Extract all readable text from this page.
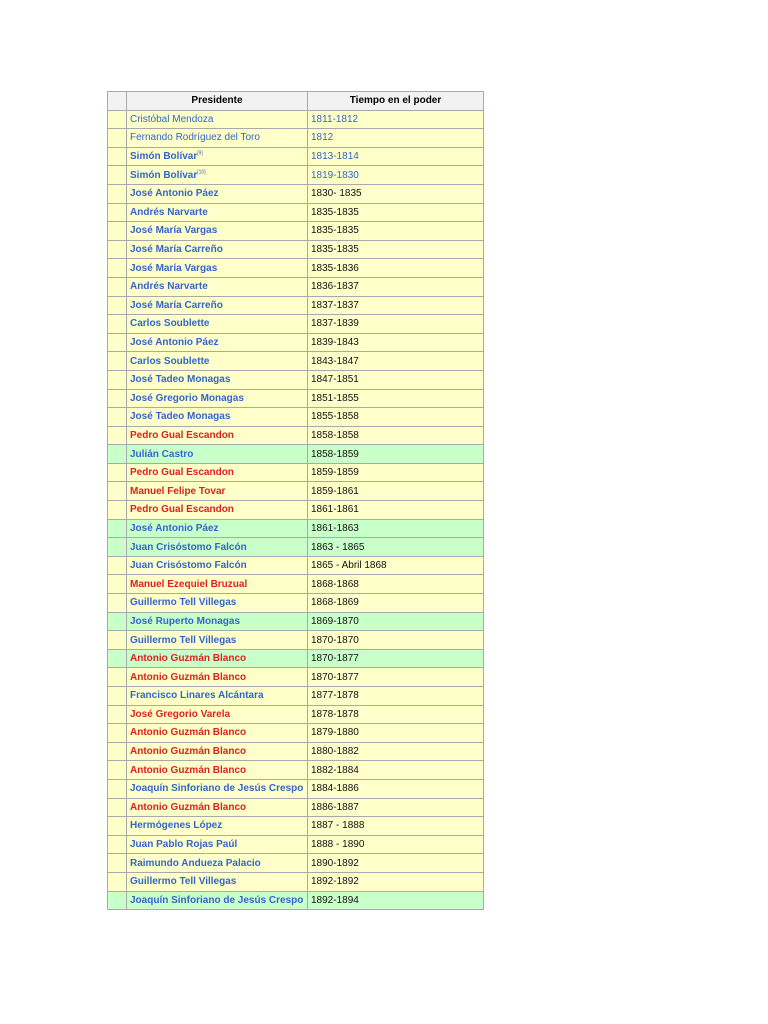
	Presidente	Tiempo en el poder
	Cristóbal Mendoza	1811-1812
	Fernando Rodríguez del Toro	1812
	Simón Bolívar[9]	1813-1814
	Simón Bolívar[10]	1819-1830
	José Antonio Páez	1830- 1835
	Andrés Narvarte	1835-1835
	José María Vargas	1835-1835
	José María Carreño	1835-1835
	José María Vargas	1835-1836
	Andrés Narvarte	1836-1837
	José María Carreño	1837-1837
	Carlos Soublette	1837-1839
	José Antonio Páez	1839-1843
	Carlos Soublette	1843-1847
	José Tadeo Monagas	1847-1851
	José Gregorio Monagas	1851-1855
	José Tadeo Monagas	1855-1858
	Pedro Gual Escandon	1858-1858
	Julián Castro	1858-1859
	Pedro Gual Escandon	1859-1859
	Manuel Felipe Tovar	1859-1861
	Pedro Gual Escandon	1861-1861
	José Antonio Páez	1861-1863
	Juan Crisóstomo Falcón	1863 - 1865
	Juan Crisóstomo Falcón	1865 - Abril 1868
	Manuel Ezequiel Bruzual	1868-1868
	Guillermo Tell Villegas	1868-1869
	José Ruperto Monagas	1869-1870
	Guillermo Tell Villegas	1870-1870
	Antonio Guzmán Blanco	1870-1877
	Antonio Guzmán Blanco	1870-1877
	Francisco Linares Alcántara	1877-1878
	José Gregorio Varela	1878-1878
	Antonio Guzmán Blanco	1879-1880
	Antonio Guzmán Blanco	1880-1882
	Antonio Guzmán Blanco	1882-1884
	Joaquín Sinforiano de Jesús Crespo	1884-1886
	Antonio Guzmán Blanco	1886-1887
	Hermógenes López	1887 - 1888
	Juan Pablo Rojas Paúl	1888 - 1890
	Raimundo Andueza Palacio	1890-1892
	Guillermo Tell Villegas	1892-1892
	Joaquín Sinforiano de Jesús Crespo	1892-1894
